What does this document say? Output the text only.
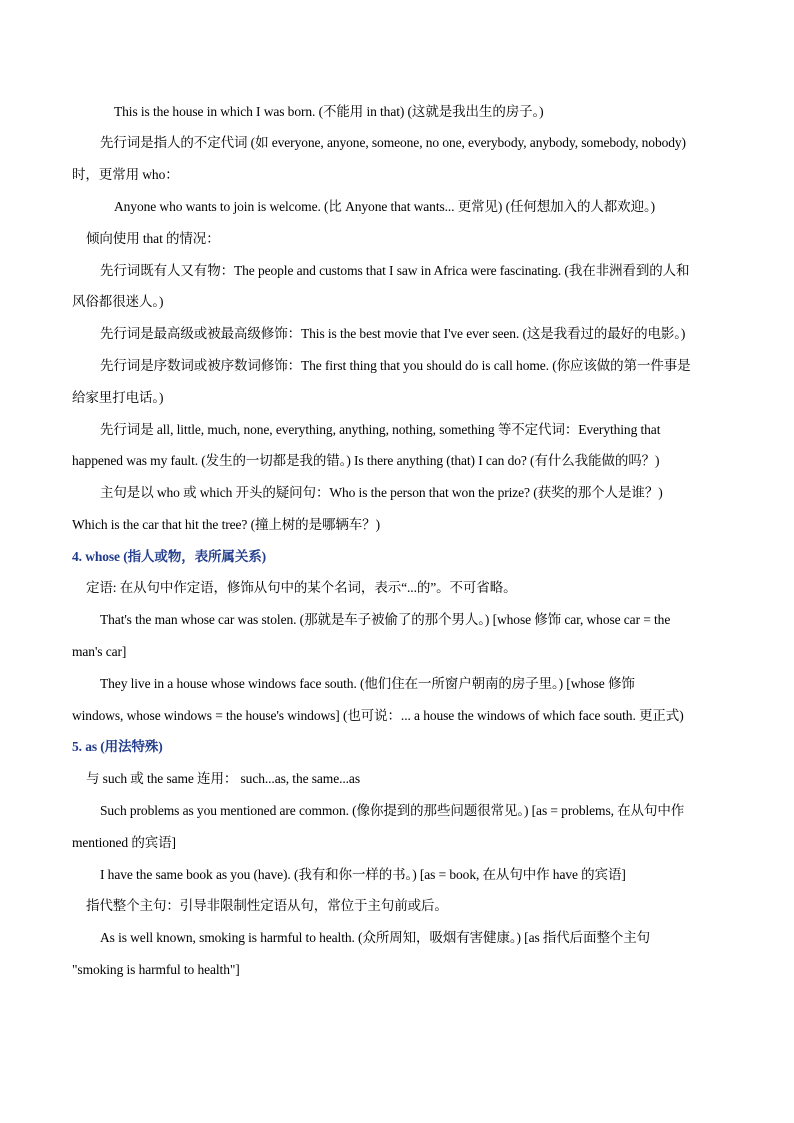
This is the house in which I was born. (不能用 in that) (这就是我出生的房子。)
先行词是指人的不定代词 (如 everyone, anyone, someone, no one, everybody, anybody, somebody, nobody)
时，更常用 who：
Anyone who wants to join is welcome. (比 Anyone that wants... 更常见) (任何想加入的人都欢迎。)
倾向使用 that 的情况：
先行词既有人又有物：The people and customs that I saw in Africa were fascinating. (我在非洲看到的人和
风俗都很迷人。)
先行词是最高级或被最高级修饰：This is the best movie that I've ever seen. (这是我看过的最好的电影。)
先行词是序数词或被序数词修饰：The first thing that you should do is call home. (你应该做的第一件事是
给家里打电话。)
先行词是 all, little, much, none, everything, anything, nothing, something 等不定代词：Everything that
happened was my fault. (发生的一切都是我的错。) Is there anything (that) I can do? (有什么我能做的吗？)
主句是以 who 或 which 开头的疑问句：Who is the person that won the prize? (获奖的那个人是谁？)
Which is the car that hit the tree? (撞上树的是哪辆车？)
4. whose (指人或物，表所属关系)
定语: 在从句中作定语，修饰从句中的某个名词，表示“...的”。不可省略。
That's the man whose car was stolen. (那就是车子被偷了的那个男人。) [whose 修饰 car, whose car = the
man's car]
They live in a house whose windows face south. (他们住在一所窗户朝南的房子里。) [whose 修饰
windows, whose windows = the house's windows] (也可说：... a house the windows of which face south. 更正式)
5. as (用法特殊)
与 such 或 the same 连用： such...as, the same...as
Such problems as you mentioned are common. (像你提到的那些问题很常见。) [as = problems, 在从句中作
mentioned 的宾语]
I have the same book as you (have). (我有和你一样的书。) [as = book, 在从句中作 have 的宾语]
指代整个主句：引导非限制性定语从句，常位于主句前或后。
As is well known, smoking is harmful to health. (众所周知，吸烟有害健康。) [as 指代后面整个主句
"smoking is harmful to health"]
